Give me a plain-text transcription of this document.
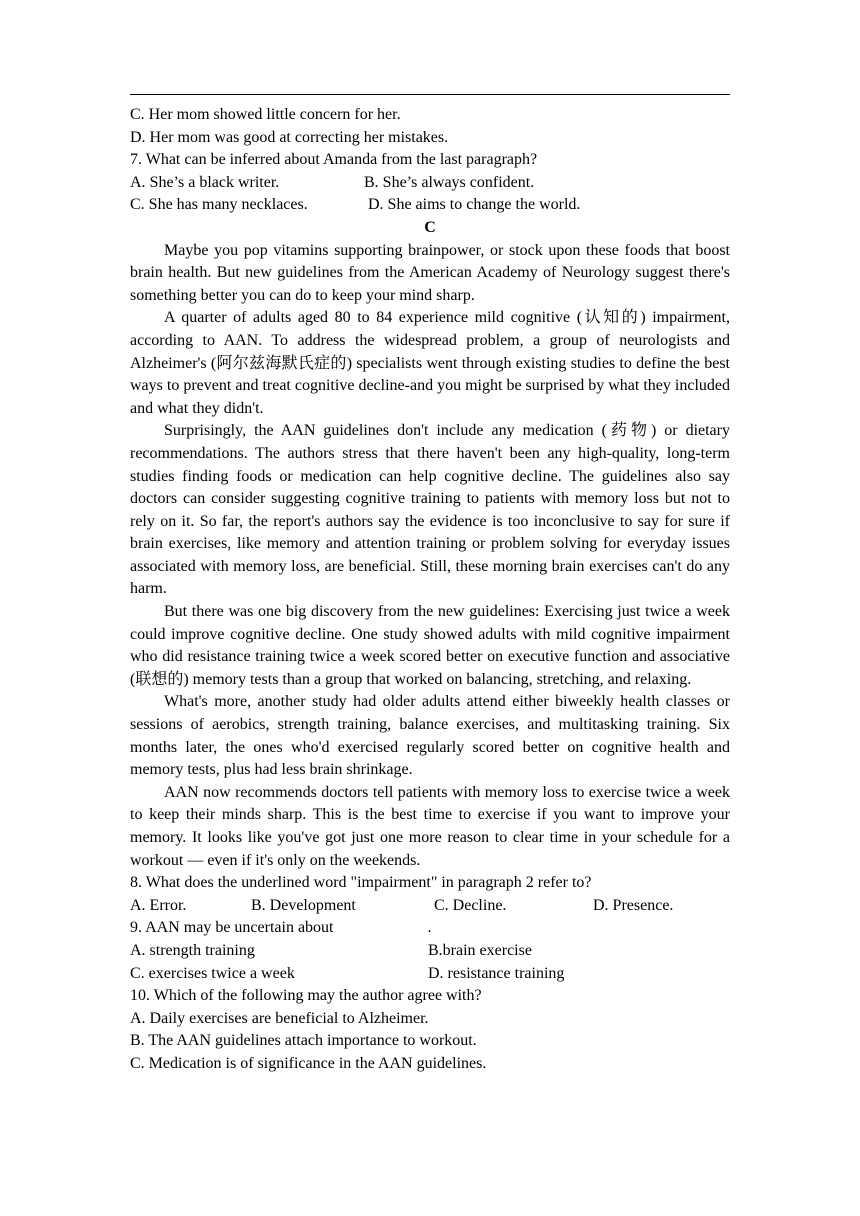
C. Her mom showed little concern for her.
D. Her mom was good at correcting her mistakes.
7. What can be inferred about Amanda from the last paragraph?
A. She’s a black writer.	B. She’s always confident.
C. She has many necklaces.	D. She aims to change the world.
C

Maybe you pop vitamins supporting brainpower, or stock upon these foods that boost brain health. But new guidelines from the American Academy of Neurology suggest there's something better you can do to keep your mind sharp.

A quarter of adults aged 80 to 84 experience mild cognitive (认知的) impairment, according to AAN. To address the widespread problem, a group of neurologists and Alzheimer's (阿尔兹海默氏症的) specialists went through existing studies to define the best ways to prevent and treat cognitive decline-and you might be surprised by what they included and what they didn't.

Surprisingly, the AAN guidelines don't include any medication (药物) or dietary recommendations. The authors stress that there haven't been any high-quality, long-term studies finding foods or medication can help cognitive decline. The guidelines also say doctors can consider suggesting cognitive training to patients with memory loss but not to rely on it. So far, the report's authors say the evidence is too inconclusive to say for sure if brain exercises, like memory and attention training or problem solving for everyday issues associated with memory loss, are beneficial. Still, these morning brain exercises can't do any harm.

But there was one big discovery from the new guidelines: Exercising just twice a week could improve cognitive decline. One study showed adults with mild cognitive impairment who did resistance training twice a week scored better on executive function and associative (联想的) memory tests than a group that worked on balancing, stretching, and relaxing.

What's more, another study had older adults attend either biweekly health classes or sessions of aerobics, strength training, balance exercises, and multitasking training. Six months later, the ones who'd exercised regularly scored better on cognitive health and memory tests, plus had less brain shrinkage.

AAN now recommends doctors tell patients with memory loss to exercise twice a week to keep their minds sharp. This is the best time to exercise if you want to improve your memory. It looks like you've got just one more reason to clear time in your schedule for a workout — even if it's only on the weekends.

8. What does the underlined word "impairment" in paragraph 2 refer to?
A. Error.	B. Development	C. Decline.	D. Presence.
9. AAN may be uncertain about	.
A. strength training	B.brain exercise
C. exercises twice a week	D. resistance training
10. Which of the following may the author agree with?
A. Daily exercises are beneficial to Alzheimer.
B. The AAN guidelines attach importance to workout.
C. Medication is of significance in the AAN guidelines.
